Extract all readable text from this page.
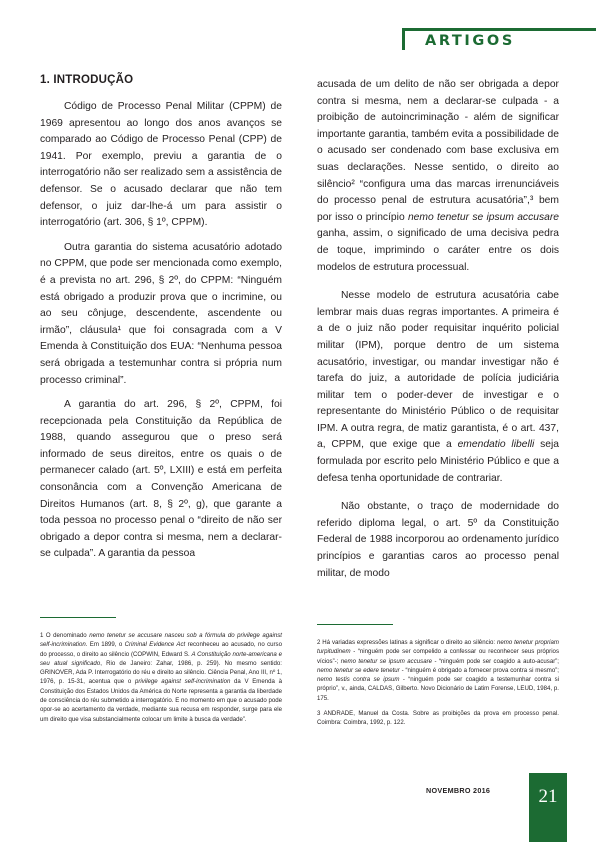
ARTIGOS
1. INTRODUÇÃO

Código de Processo Penal Militar (CPPM) de 1969 apresentou ao longo dos anos avanços se comparado ao Código de Processo Penal (CPP) de 1941. Por exemplo, previu a garantia de o interrogatório não ser realizado sem a assistência de defensor. Se o acusado declarar que não tem defensor, o juiz dar-lhe-á um para assistir o interrogatório (art. 306, § 1º, CPPM).

Outra garantia do sistema acusatório adotado no CPPM, que pode ser mencionada como exemplo, é a prevista no art. 296, § 2º, do CPPM: “Ninguém está obrigado a produzir prova que o incrimine, ou ao seu cônjuge, descendente, ascendente ou irmão”, cláusula¹ que foi consagrada com a V Emenda à Constituição dos EUA: “Nenhuma pessoa será obrigada a testemunhar contra si própria num processo criminal”.

A garantia do art. 296, § 2º, CPPM, foi recepcionada pela Constituição da República de 1988, quando assegurou que o preso será informado de seus direitos, entre os quais o de permanecer calado (art. 5º, LXIII) e está em perfeita consonância com a Convenção Americana de Direitos Humanos (art. 8, § 2º, g), que garante a toda pessoa no processo penal o “direito de não ser obrigado a depor contra si mesma, nem a declarar-se culpada”. A garantia da pessoa

acusada de um delito de não ser obrigada a depor contra si mesma, nem a declarar-se culpada - a proibição de autoincriminação - além de significar importante garantia, também evita a possibilidade de o acusado ser condenado com base exclusiva em suas declarações. Nesse sentido, o direito ao silêncio² “configura uma das marcas irrenunciáveis do processo penal de estrutura acusatória”,³ bem por isso o princípio nemo tenetur se ipsum accusare ganha, assim, o significado de uma decisiva pedra de toque, imprimindo o caráter entre os dois modelos de estrutura processual.

Nesse modelo de estrutura acusatória cabe lembrar mais duas regras importantes. A primeira é a de o juiz não poder requisitar inquérito policial militar (IPM), porque dentro de um sistema acusatório, investigar, ou mandar investigar não é tarefa do juiz, a autoridade de polícia judiciária militar tem o poder-dever de investigar e o representante do Ministério Público o de requisitar IPM. A outra regra, de matiz garantista, é o art. 437, a, CPPM, que exige que a emendatio libelli seja formulada por escrito pelo Ministério Público e que a defesa tenha oportunidade de contrariar.

Não obstante, o traço de modernidade do referido diploma legal, o art. 5º da Constituição Federal de 1988 incorporou ao ordenamento jurídico princípios e garantias caros ao processo penal militar, de modo

1 O denominado nemo tenetur se accusare nasceu sob a fórmula do privilege against self-incrimination. Em 1899, o Criminal Evidence Act reconheceu ao acusado, no curso do processo, o direito ao silêncio (COPWIN, Edward S. A Constituição norte-americana e seu atual significado, Rio de Janeiro: Zahar, 1986, p. 259). No mesmo sentido: GRINOVER, Ada P. Interrogatório do réu e direito ao silêncio. Ciência Penal, Ano III, nº 1, 1976, p. 15-31, acentua que o privilege against self-incrimination da V Emenda à Constituição dos Estados Unidos da América do Norte representa a garantia da liberdade de consciência do réu submetido a interrogatório. E no momento em que o acusado pode opor-se ao acertamento da verdade, mediante sua recusa em responder, surge para ele um direito que visa substancialmente colocar um limite à busca da verdade”.

2 Há variadas expressões latinas a significar o direito ao silêncio: nemo tenetur propriam turpitudinem - “ninguém pode ser compelido a confessar ou reconhecer seus próprios vícios”-; nemo tenetur se ipsum accusare - “ninguém pode ser coagido a auto-acusar”; nemo tenetur se edere tenetur - “ninguém é obrigado a fornecer prova contra si mesmo”; nemo testis contra se ipsum - “ninguém pode ser coagido a testemunhar contra si próprio”, v., ainda, CALDAS, Gilberto. Novo Dicionário de Latim Forense, LEUD, 1984, p. 175.

3 ANDRADE, Manuel da Costa. Sobre as proibições da prova em processo penal. Coimbra: Coimbra, 1992, p. 122.

NOVEMBRO 2016	21
